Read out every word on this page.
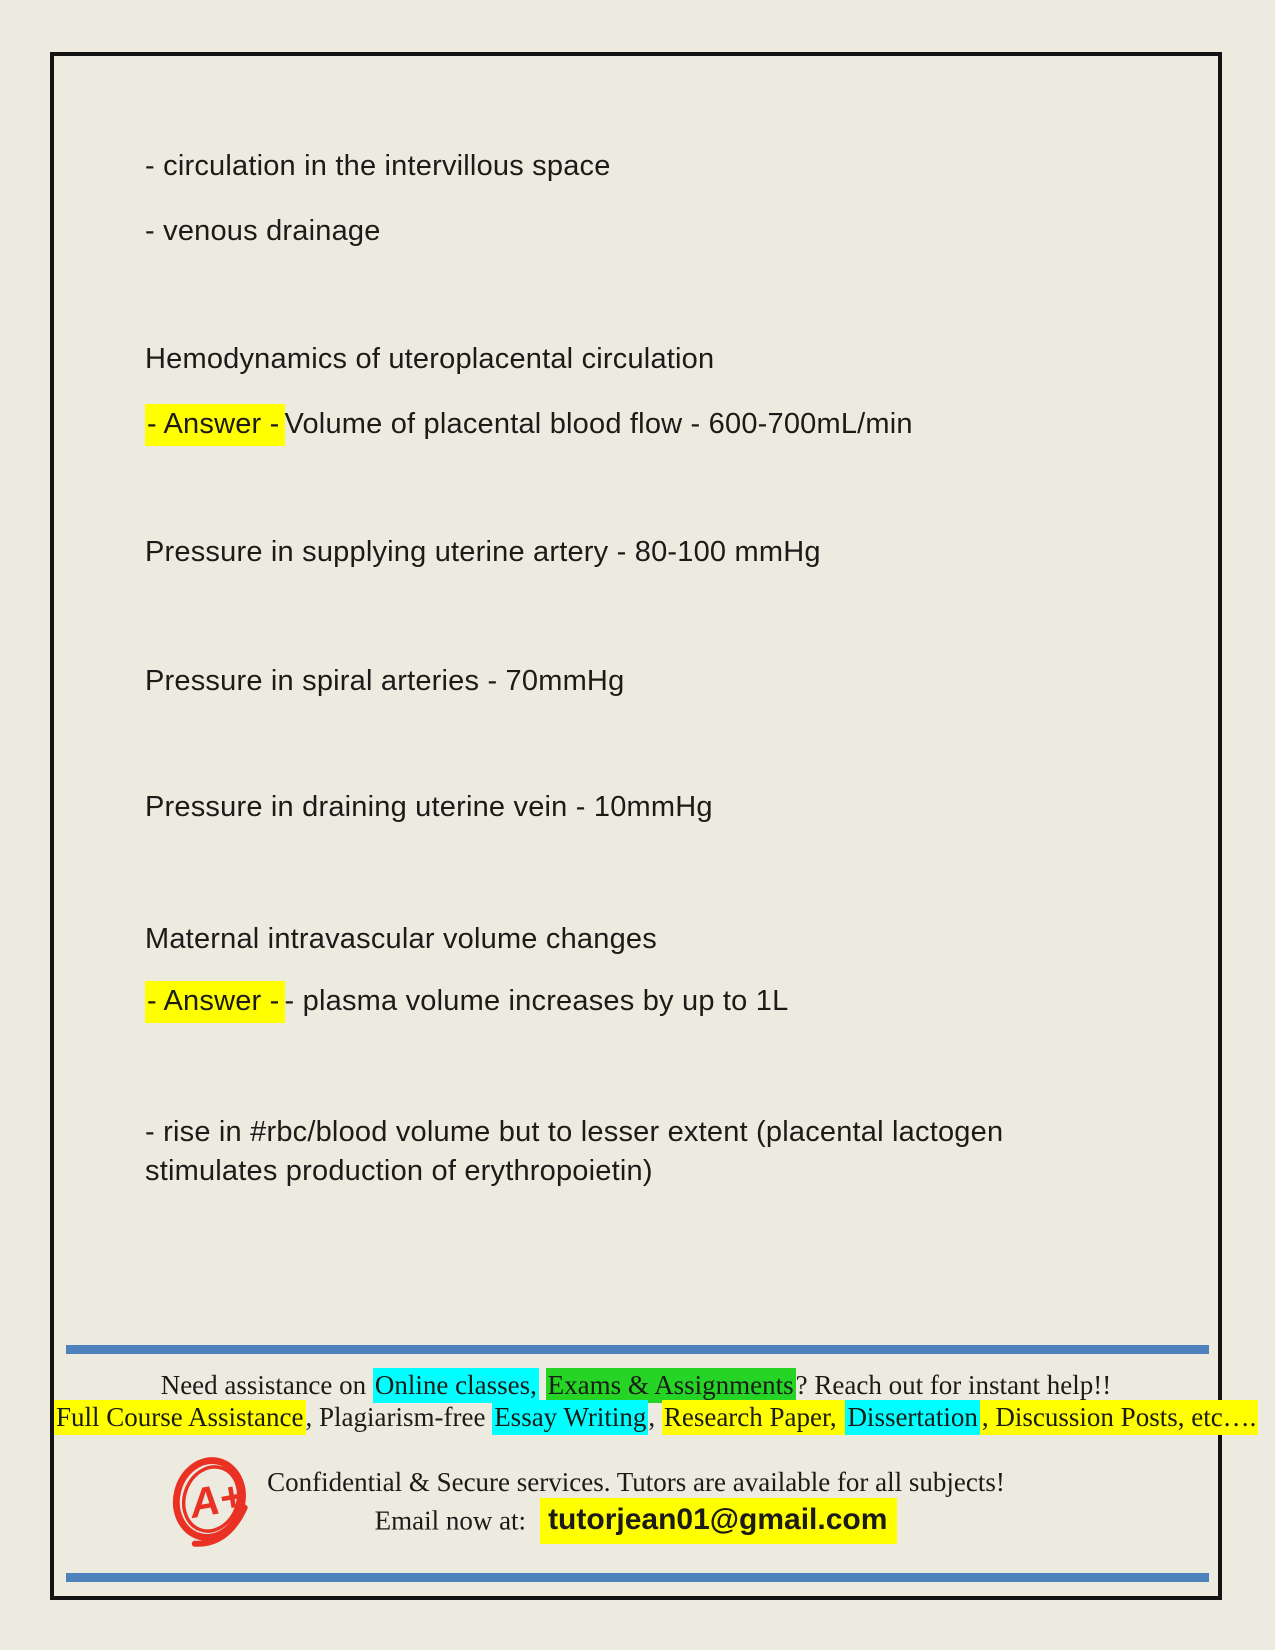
- circulation in the intervillous space
- venous drainage
Hemodynamics of uteroplacental circulation
- Answer - Volume of placental blood flow - 600-700mL/min
Pressure in supplying uterine artery - 80-100 mmHg
Pressure in spiral arteries - 70mmHg
Pressure in draining uterine vein - 10mmHg
Maternal intravascular volume changes
- Answer - - plasma volume increases by up to 1L
- rise in #rbc/blood volume but to lesser extent (placental lactogen
stimulates production of erythropoietin)
Need assistance on Online classes, Exams & Assignments? Reach out for instant help!!
Full Course Assistance, Plagiarism-free Essay Writing, Research Paper, Dissertation , Discussion Posts, etc….
Confidential & Secure services. Tutors are available for all subjects!
Email now at: tutorjean01@gmail.com
A+
